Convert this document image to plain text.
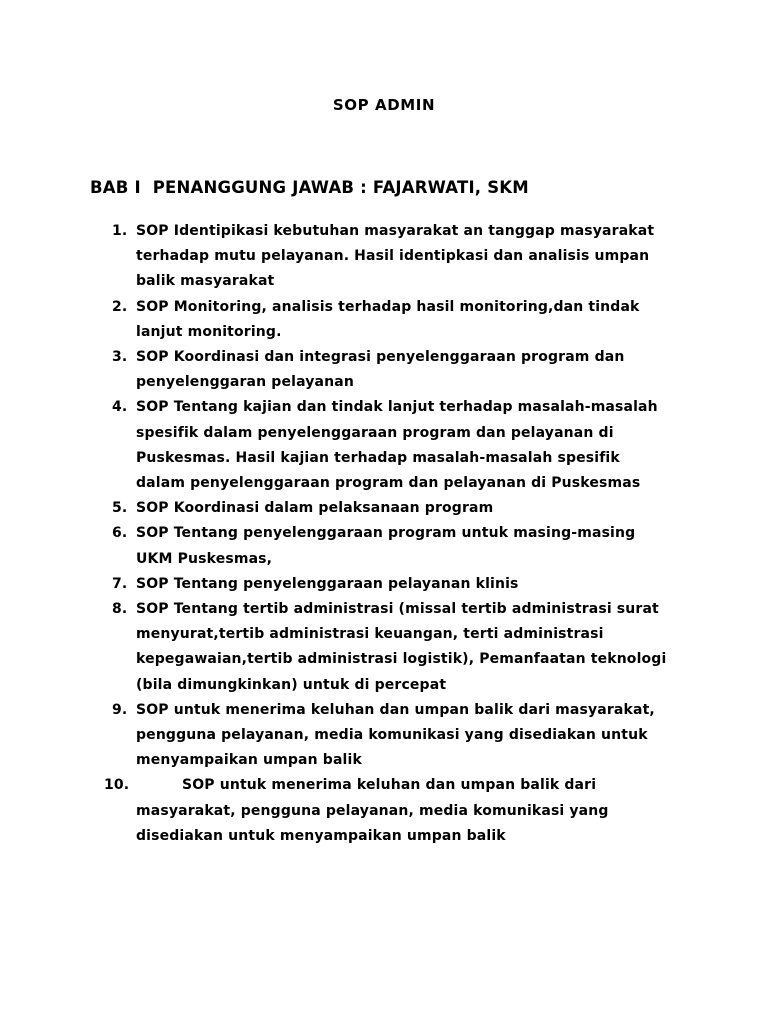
SOP ADMIN
BAB I  PENANGGUNG JAWAB : FAJARWATI, SKM
1. SOP Identipikasi kebutuhan masyarakat an tanggap masyarakat
terhadap mutu pelayanan. Hasil identipkasi dan analisis umpan
balik masyarakat
2. SOP Monitoring, analisis terhadap hasil monitoring,dan tindak
lanjut monitoring.
3. SOP Koordinasi dan integrasi penyelenggaraan program dan
penyelenggaran pelayanan
4. SOP Tentang kajian dan tindak lanjut terhadap masalah-masalah
spesifik dalam penyelenggaraan program dan pelayanan di
Puskesmas. Hasil kajian terhadap masalah-masalah spesifik
dalam penyelenggaraan program dan pelayanan di Puskesmas
5. SOP Koordinasi dalam pelaksanaan program
6. SOP Tentang penyelenggaraan program untuk masing-masing
UKM Puskesmas,
7. SOP Tentang penyelenggaraan pelayanan klinis
8. SOP Tentang tertib administrasi (missal tertib administrasi surat
menyurat,tertib administrasi keuangan, terti administrasi
kepegawaian,tertib administrasi logistik), Pemanfaatan teknologi
(bila dimungkinkan) untuk di percepat
9. SOP untuk menerima keluhan dan umpan balik dari masyarakat,
pengguna pelayanan, media komunikasi yang disediakan untuk
menyampaikan umpan balik
10.	SOP untuk menerima keluhan dan umpan balik dari
masyarakat, pengguna pelayanan, media komunikasi yang
disediakan untuk menyampaikan umpan balik
